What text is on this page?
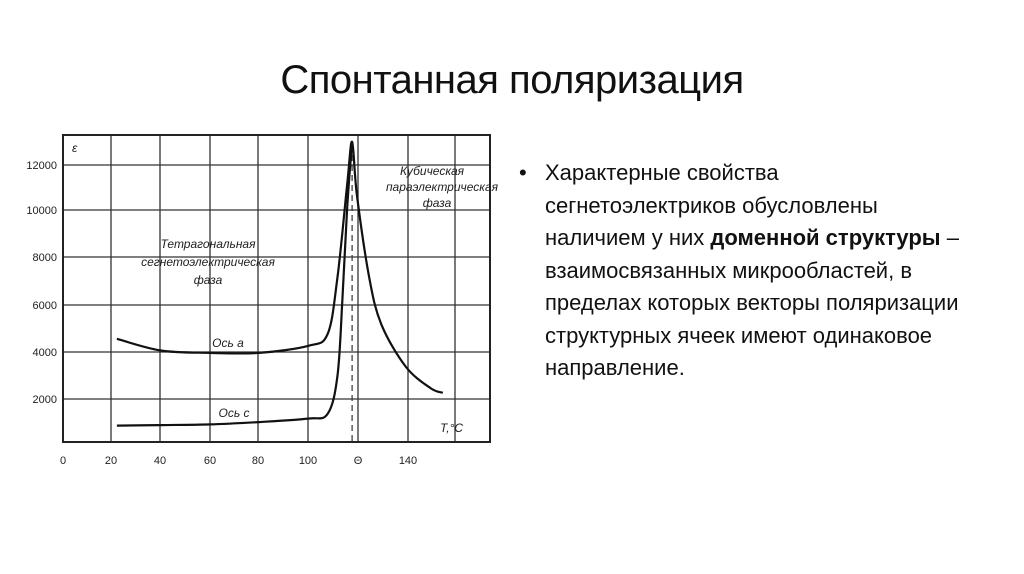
Спонтанная поляризация
12000
10000
8000
6000
4000
2000
0	20	40	60	80	100	Θ	140
ε
T,°C
Тетрагональная
сегнетоэлектрическая
фаза
Кубическая
параэлектрическая
фаза
Ось a
Ось c
• Характерные свойства сегнетоэлектриков обусловлены наличием у них доменной структуры – взаимосвязанных микрообластей, в пределах которых векторы поляризации структурных ячеек имеют одинаковое направление.
